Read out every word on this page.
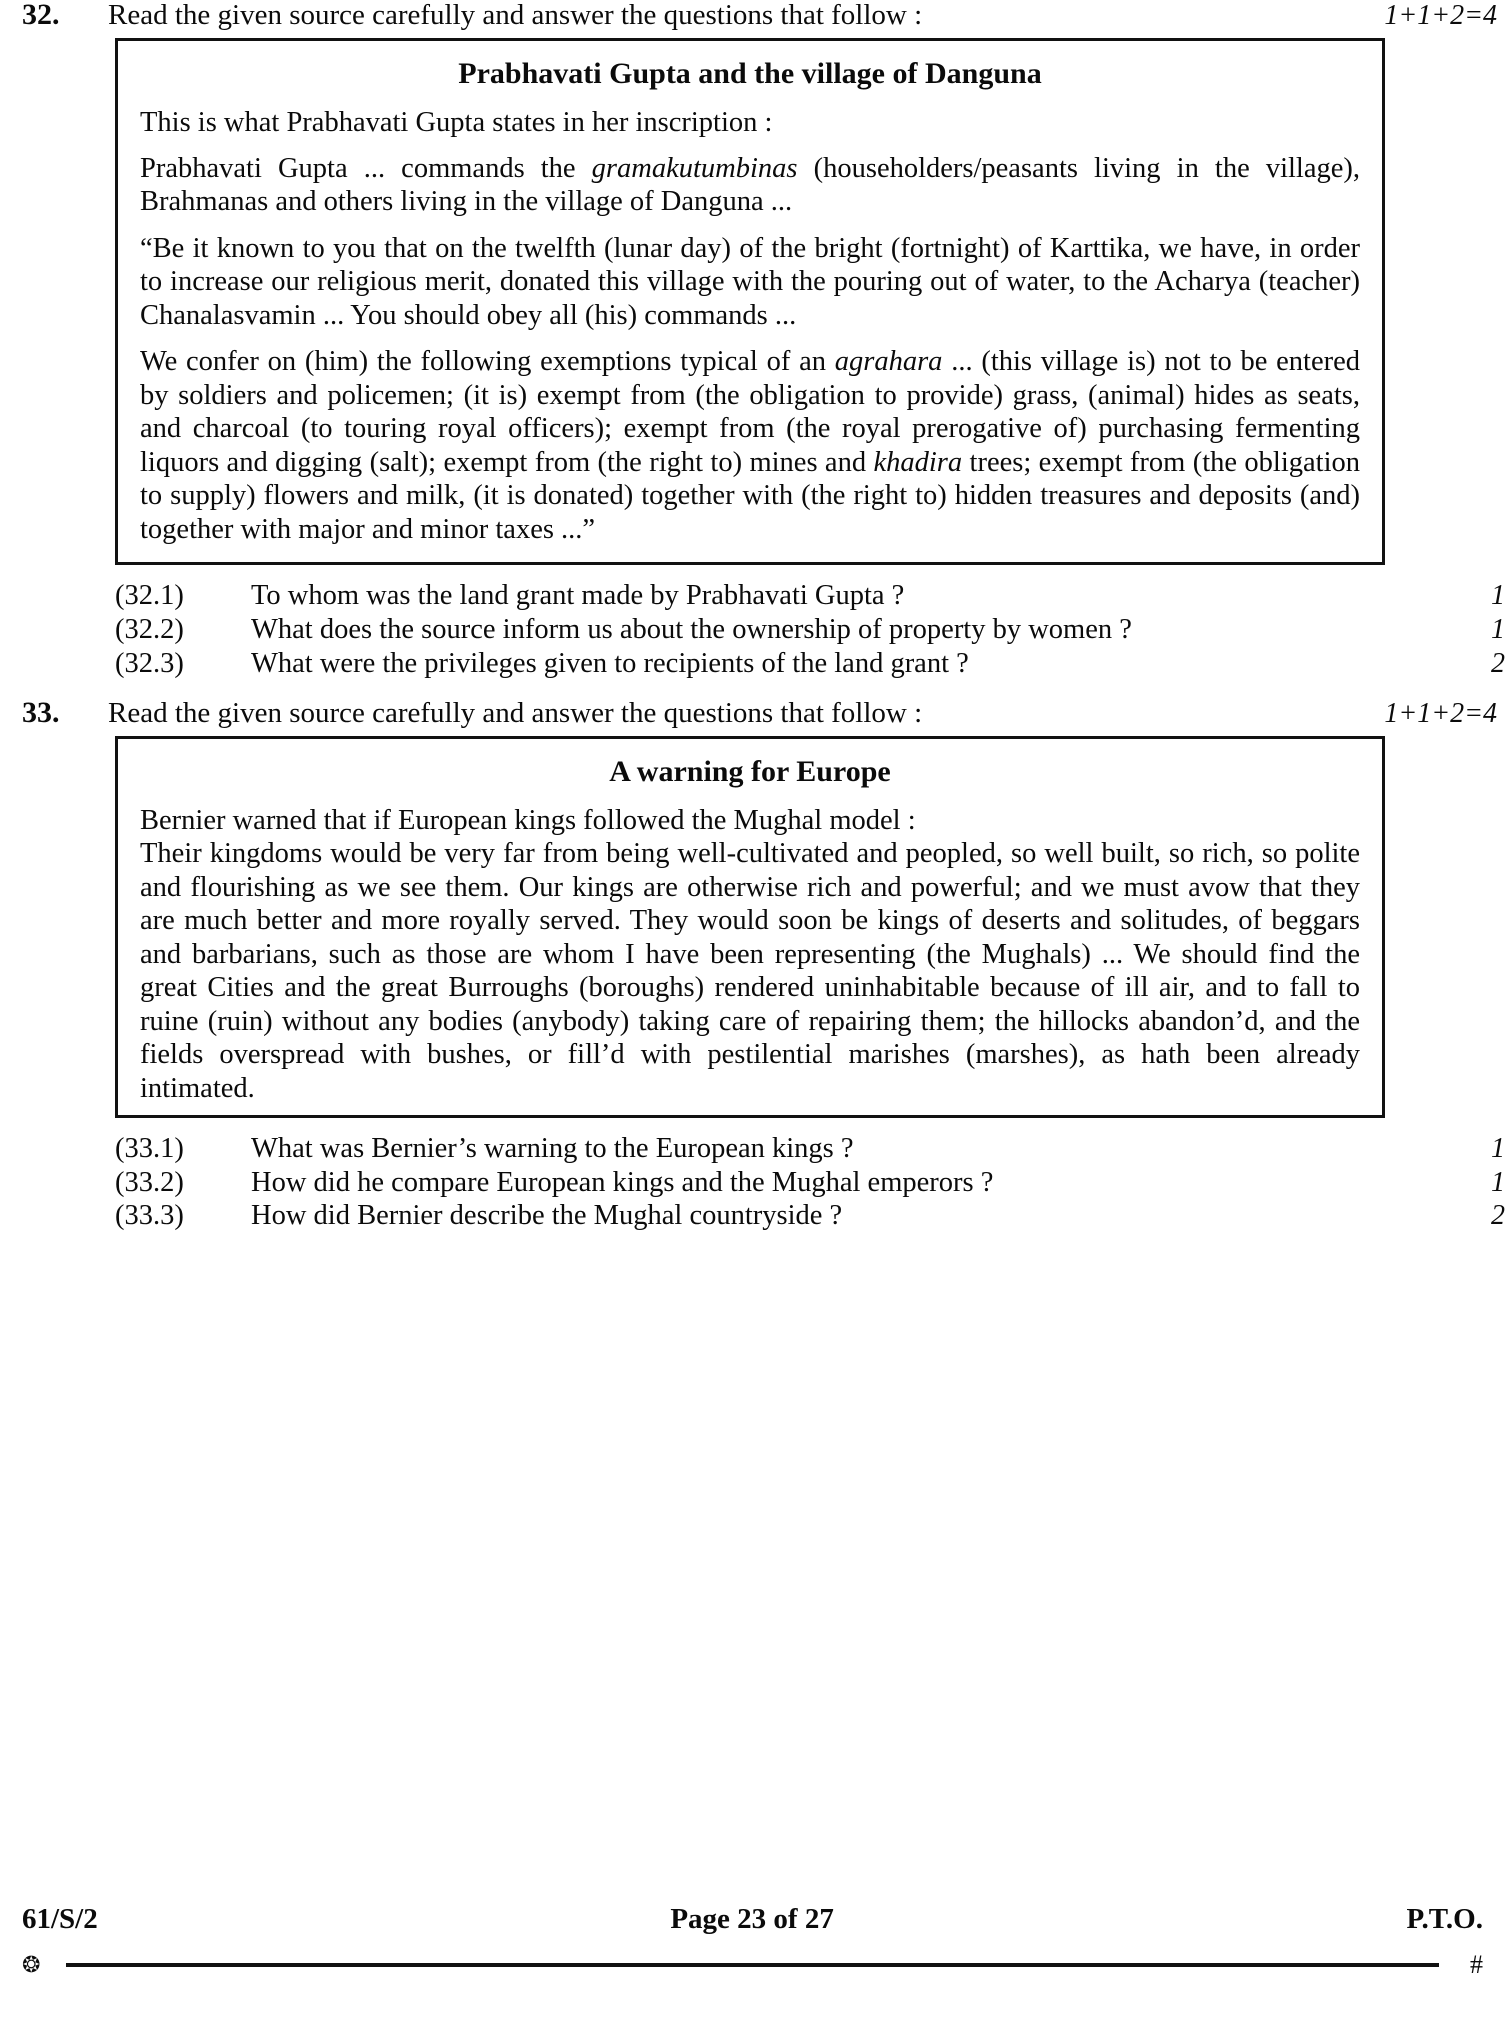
32.	Read the given source carefully and answer the questions that follow :	1+1+2=4
Prabhavati Gupta and the village of Danguna

This is what Prabhavati Gupta states in her inscription :

Prabhavati Gupta ... commands the gramakutumbinas (householders/peasants living in the village), Brahmanas and others living in the village of Danguna ...

“Be it known to you that on the twelfth (lunar day) of the bright (fortnight) of Karttika, we have, in order to increase our religious merit, donated this village with the pouring out of water, to the Acharya (teacher) Chanalasvamin ... You should obey all (his) commands ...

We confer on (him) the following exemptions typical of an agrahara ... (this village is) not to be entered by soldiers and policemen; (it is) exempt from (the obligation to provide) grass, (animal) hides as seats, and charcoal (to touring royal officers); exempt from (the royal prerogative of) purchasing fermenting liquors and digging (salt); exempt from (the right to) mines and khadira trees; exempt from (the obligation to supply) flowers and milk, (it is donated) together with (the right to) hidden treasures and deposits (and) together with major and minor taxes ...”

(32.1)	To whom was the land grant made by Prabhavati Gupta ?	1
(32.2)	What does the source inform us about the ownership of property by women ?	1
(32.3)	What were the privileges given to recipients of the land grant ?	2
33.	Read the given source carefully and answer the questions that follow :	1+1+2=4
A warning for Europe

Bernier warned that if European kings followed the Mughal model :

Their kingdoms would be very far from being well-cultivated and peopled, so well built, so rich, so polite and flourishing as we see them. Our kings are otherwise rich and powerful; and we must avow that they are much better and more royally served. They would soon be kings of deserts and solitudes, of beggars and barbarians, such as those are whom I have been representing (the Mughals) ... We should find the great Cities and the great Burroughs (boroughs) rendered uninhabitable because of ill air, and to fall to ruine (ruin) without any bodies (anybody) taking care of repairing them; the hillocks abandon’d, and the fields overspread with bushes, or fill’d with pestilential marishes (marshes), as hath been already intimated.

(33.1)	What was Bernier’s warning to the European kings ?	1
(33.2)	How did he compare European kings and the Mughal emperors ?	1
(33.3)	How did Bernier describe the Mughal countryside ?	2
61/S/2	Page 23 of 27	P.T.O.
❂	#
